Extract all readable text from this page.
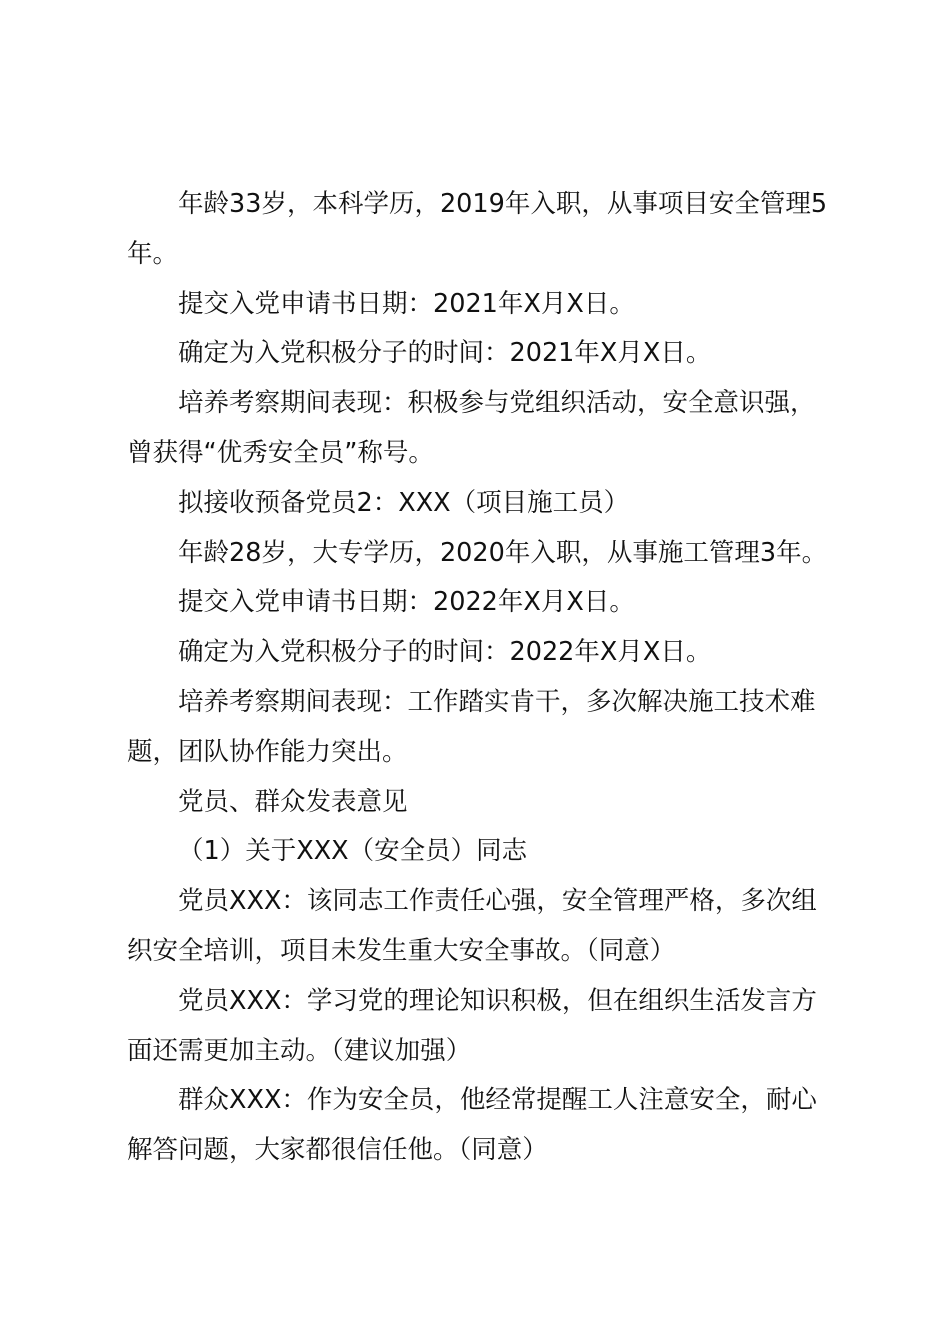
年龄33岁，本科学历，2019年入职，从事项目安全管理5年。

提交入党申请书日期：2021年X月X日。

确定为入党积极分子的时间：2021年X月X日。

培养考察期间表现：积极参与党组织活动，安全意识强，曾获得“优秀安全员”称号。

拟接收预备党员2：XXX（项目施工员）

年龄28岁，大专学历，2020年入职，从事施工管理3年。

提交入党申请书日期：2022年X月X日。

确定为入党积极分子的时间：2022年X月X日。

培养考察期间表现：工作踏实肯干，多次解决施工技术难题，团队协作能力突出。

党员、群众发表意见

（1）关于XXX（安全员）同志

党员XXX：该同志工作责任心强，安全管理严格，多次组织安全培训，项目未发生重大安全事故。（同意）

党员XXX：学习党的理论知识积极，但在组织生活发言方面还需更加主动。（建议加强）

群众XXX：作为安全员，他经常提醒工人注意安全，耐心解答问题，大家都很信任他。（同意）
